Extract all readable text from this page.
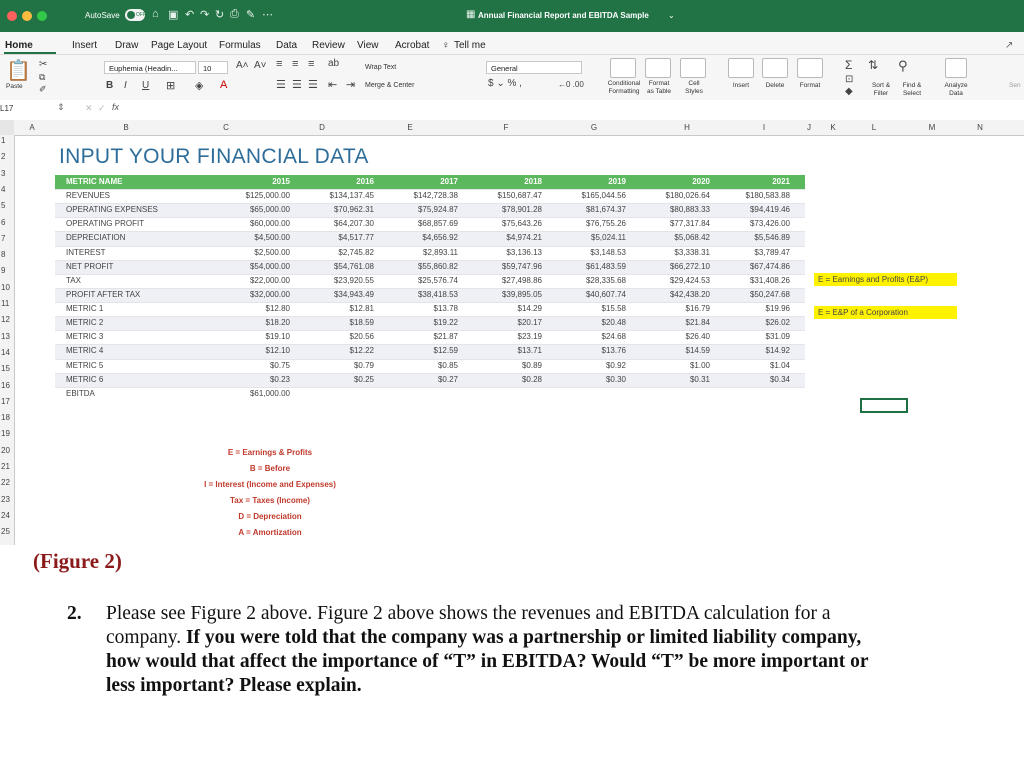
AutoSave	OFF ⌂ ▣ ↶ ↷ ↻ ⎙ ✎ ⋯	▦ Annual Financial Report and EBITDA Sample ⌄
Home	Insert Draw Page Layout Formulas Data Review View Acrobat ♀ Tell me	↗
📋
Paste
✂
⧉
✐
Euphemia (Headin...	10	A˄ A˅
B I U ⊞ ◈ A
≡ ≡ ≡ ab
☰ ☰ ☰ ⇤ ⇥
Wrap Text
Merge & Center
General
$ ⌄ % ,	←0 .00	Conditional
Formatting
Format
as Table
Cell
Styles
Insert	Delete	Format
Σ
⊡
◆
⇅ ⚲
Sort &
Filter
Find &
Select
Analyze
Data
Sen
L17	⇕ ✕ ✓ fx
A	B	C	D	E	F	G	H	I	J	K	L	M	N
1
2
3
4
5
6
7
8
9
10
11
12
13
14
15
16
17
18
19
20
21
22
23
24
25
INPUT YOUR FINANCIAL DATA
METRIC NAME	2015	2016	2017	2018	2019	2020	2021
REVENUES	$125,000.00	$134,137.45	$142,728.38	$150,687.47	$165,044.56	$180,026.64	$180,583.88
OPERATING EXPENSES	$65,000.00	$70,962.31	$75,924.87	$78,901.28	$81,674.37	$80,883.33	$94,419.46
OPERATING PROFIT	$60,000.00	$64,207.30	$68,857.69	$75,643.26	$76,755.26	$77,317.84	$73,426.00
DEPRECIATION	$4,500.00	$4,517.77	$4,656.92	$4,974.21	$5,024.11	$5,068.42	$5,546.89
INTEREST	$2,500.00	$2,745.82	$2,893.11	$3,136.13	$3,148.53	$3,338.31	$3,789.47
NET PROFIT	$54,000.00	$54,761.08	$55,860.82	$59,747.96	$61,483.59	$66,272.10	$67,474.86
TAX	$22,000.00	$23,920.55	$25,576.74	$27,498.86	$28,335.68	$29,424.53	$31,408.26
PROFIT AFTER TAX	$32,000.00	$34,943.49	$38,418.53	$39,895.05	$40,607.74	$42,438.20	$50,247.68
METRIC 1	$12.80	$12.81	$13.78	$14.29	$15.58	$16.79	$19.96
METRIC 2	$18.20	$18.59	$19.22	$20.17	$20.48	$21.84	$26.02
METRIC 3	$19.10	$20.56	$21.87	$23.19	$24.68	$26.40	$31.09
METRIC 4	$12.10	$12.22	$12.59	$13.71	$13.76	$14.59	$14.92
METRIC 5	$0.75	$0.79	$0.85	$0.89	$0.92	$1.00	$1.04
METRIC 6	$0.23	$0.25	$0.27	$0.28	$0.30	$0.31	$0.34
EBITDA	$61,000.00
E = Earnings and Profits (E&P)
E = E&P of a Corporation
E = Earnings & Profits
B = Before
I = Interest (Income and Expenses)
Tax = Taxes (Income)
D = Depreciation
A = Amortization
(Figure 2)
2. Please see Figure 2 above. Figure 2 above shows the revenues and EBITDA calculation for a company. If you were told that the company was a partnership or limited liability company, how would that affect the importance of “T” in EBITDA? Would “T” be more important or less important? Please explain.
